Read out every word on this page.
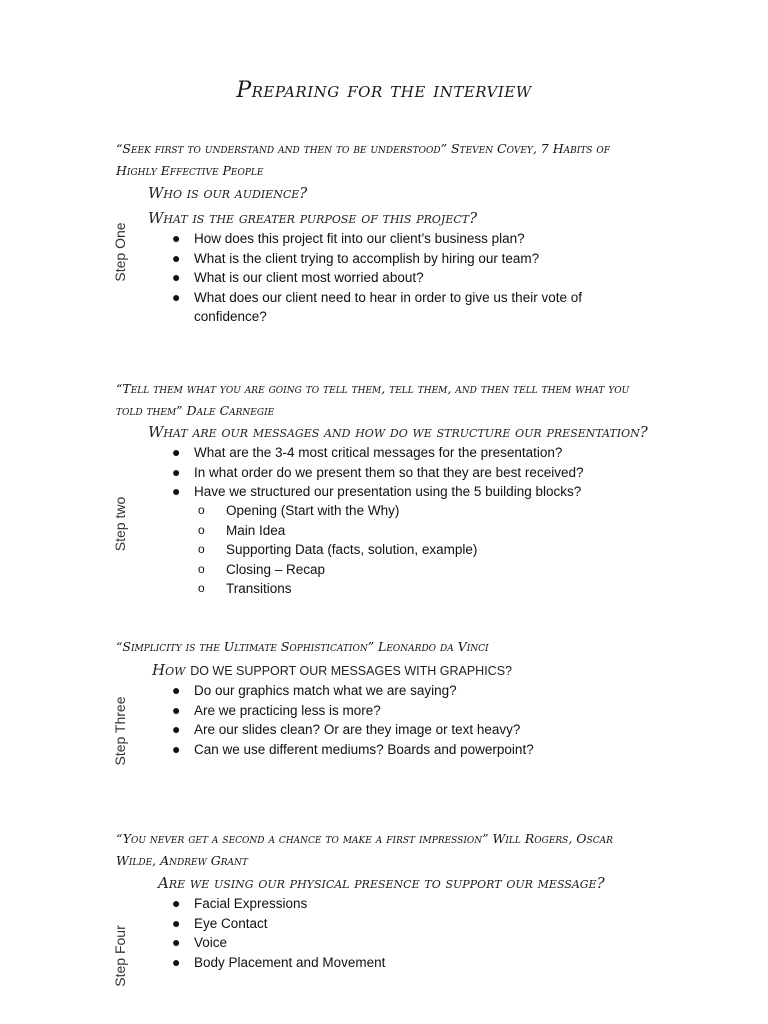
Preparing for the interview
“Seek first to understand and then to be understood” Steven Covey, 7 Habits of Highly Effective People
Who is our audience?
What is the greater purpose of this project?
Step One	●	How does this project fit into our client’s business plan?
●	What is the client trying to accomplish by hiring our team?
●	What is our client most worried about?
●	What does our client need to hear in order to give us their vote of confidence?
“Tell them what you are going to tell them, tell them, and then tell them what you told them” Dale Carnegie
What are our messages and how do we structure our presentation?
Step two
●	What are the 3-4 most critical messages for the presentation?
●	In what order do we present them so that they are best received?
●	Have we structured our presentation using the 5 building blocks?
o Opening (Start with the Why)
o Main Idea
o Supporting Data (facts, solution, example)
o Closing – Recap
o Transitions
“Simplicity is the Ultimate Sophistication” Leonardo da Vinci
How DO WE SUPPORT OUR MESSAGES WITH GRAPHICS?
Step Three
●	Do our graphics match what we are saying?
●	Are we practicing less is more?
●	Are our slides clean? Or are they image or text heavy?
●	Can we use different mediums? Boards and powerpoint?
“You never get a second a chance to make a first impression” Will Rogers, Oscar Wilde, Andrew Grant
Are we using our physical presence to support our message?
Step Four
●	Facial Expressions
●	Eye Contact
●	Voice
●	Body Placement and Movement
